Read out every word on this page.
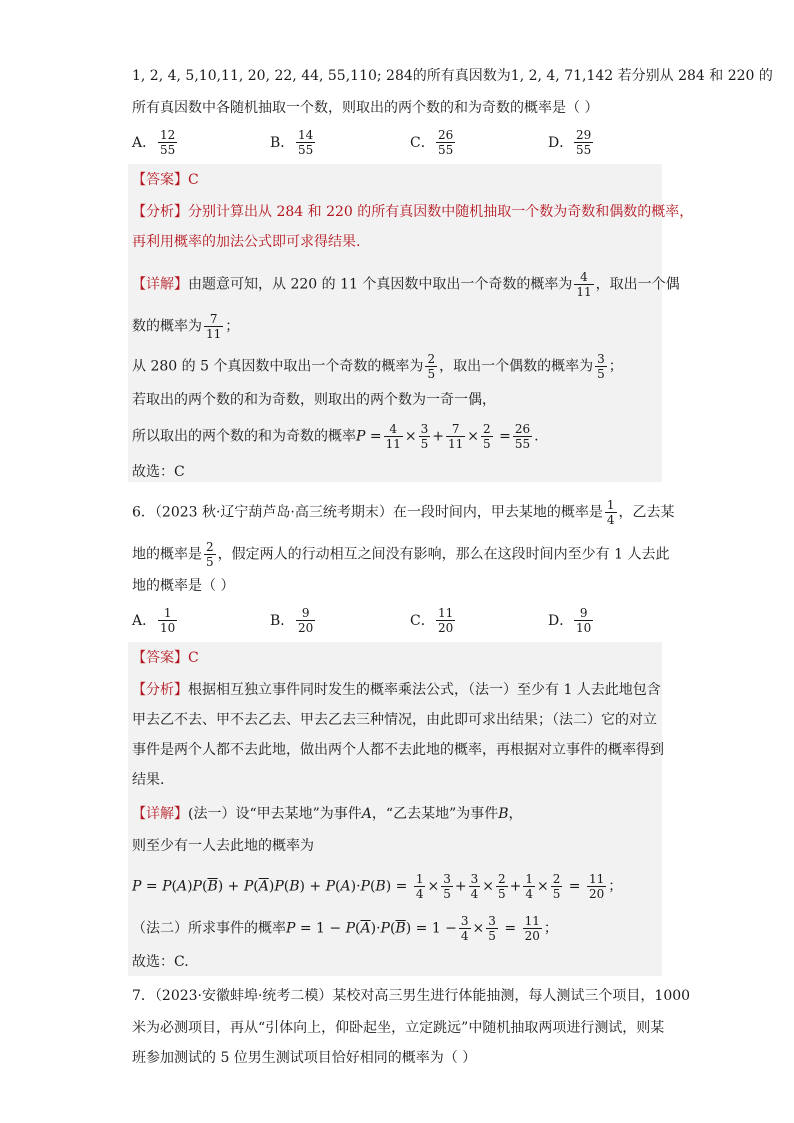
1, 2, 4, 5,10,11, 20, 22, 44, 55,110; 284的所有真因数为1, 2, 4, 71,142 若分别从 284 和 220 的
所有真因数中各随机抽取一个数，则取出的两个数的和为奇数的概率是（ ）
A． $\frac{12}{55}$	B． $\frac{14}{55}$	C． $\frac{26}{55}$	D． $\frac{29}{55}$
【答案】C
【分析】分别计算出从 284 和 220 的所有真因数中随机抽取一个数为奇数和偶数的概率，
再利用概率的加法公式即可求得结果.
【详解】由题意可知，从 220 的 11 个真因数中取出一个奇数的概率为 $\frac{4}{11}$ ，取出一个偶
数的概率为 $\frac{7}{11}$ ；
从 280 的 5 个真因数中取出一个奇数的概率为 $\frac{2}{5}$ ，取出一个偶数的概率为 $\frac{3}{5}$ ；
若取出的两个数的和为奇数，则取出的两个数为一奇一偶，
所以取出的两个数的和为奇数的概率$P = \frac{4}{11} \times \frac{3}{5} + \frac{7}{11} \times \frac{2}{5} = \frac{26}{55}$ .
故选：C
6．（2023 秋·辽宁葫芦岛·高三统考期末）在一段时间内，甲去某地的概率是 $\frac{1}{4}$ ，乙去某
地的概率是 $\frac{2}{5}$ ，假定两人的行动相互之间没有影响，那么在这段时间内至少有 1 人去此
地的概率是（ ）
A． $\frac{1}{10}$	B． $\frac{9}{20}$	C． $\frac{11}{20}$	D． $\frac{9}{10}$
【答案】C
【分析】根据相互独立事件同时发生的概率乘法公式，（法一）至少有 1 人去此地包含
甲去乙不去、甲不去乙去、甲去乙去三种情况，由此即可求出结果；（法二）它的对立
事件是两个人都不去此地，做出两个人都不去此地的概率，再根据对立事件的概率得到
结果.
【详解】(法一）设“甲去某地”为事件A，“乙去某地”为事件B，
则至少有一人去此地的概率为
$P = P(A)P(\overline{B}) + P(\overline{A})P(B) + P(A)\cdot P(B) = \frac{1}{4} \times \frac{3}{5} + \frac{3}{4} \times \frac{2}{5} + \frac{1}{4} \times \frac{2}{5} = \frac{11}{20}$ ；
（法二）所求事件的概率$P = 1 - P(\overline{A})\cdot P(\overline{B}) = 1 - \frac{3}{4} \times \frac{3}{5} = \frac{11}{20}$ ；
故选：C.
7．（2023·安徽蚌埠·统考二模）某校对高三男生进行体能抽测，每人测试三个项目，1000
米为必测项目，再从“引体向上，仰卧起坐，立定跳远”中随机抽取两项进行测试，则某
班参加测试的 5 位男生测试项目恰好相同的概率为（ ）
